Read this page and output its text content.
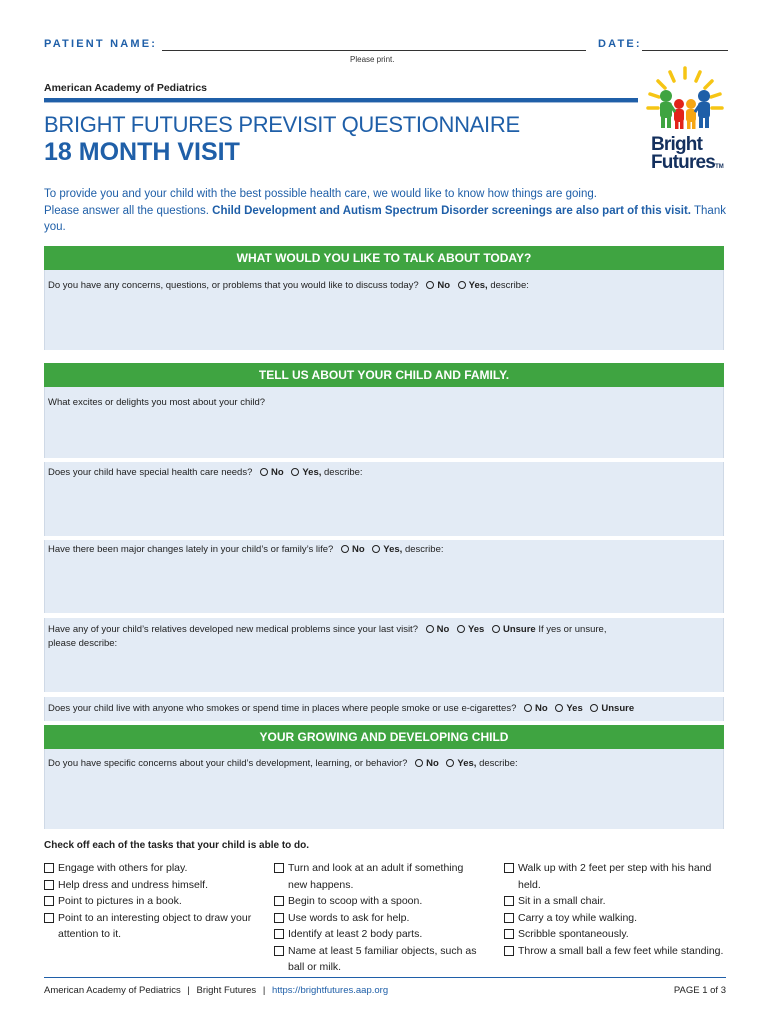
PATIENT NAME:	DATE:
Please print.
American Academy of Pediatrics
BRIGHT FUTURES PREVISIT QUESTIONNAIRE
18 MONTH VISIT	Bright
FuturesTM
To provide you and your child with the best possible health care, we would like to know how things are going.
Please answer all the questions. Child Development and Autism Spectrum Disorder screenings are also part of this visit. Thank you.
WHAT WOULD YOU LIKE TO TALK ABOUT TODAY?
Do you have any concerns, questions, or problems that you would like to discuss today? No Yes, describe:
TELL US ABOUT YOUR CHILD AND FAMILY.
What excites or delights you most about your child?
Does your child have special health care needs? No Yes, describe:
Have there been major changes lately in your child’s or family’s life? No Yes, describe:
Have any of your child’s relatives developed new medical problems since your last visit? No Yes Unsure If yes or unsure,
please describe:
Does your child live with anyone who smokes or spend time in places where people smoke or use e-cigarettes? No Yes Unsure
YOUR GROWING AND DEVELOPING CHILD
Do you have specific concerns about your child’s development, learning, or behavior? No Yes, describe:
Check off each of the tasks that your child is able to do.
Engage with others for play.
Help dress and undress himself.
Point to pictures in a book.
Point to an interesting object to draw your attention to it.
Turn and look at an adult if something new happens.
Begin to scoop with a spoon.
Use words to ask for help.
Identify at least 2 body parts.
Name at least 5 familiar objects, such as ball or milk.
Walk up with 2 feet per step with his hand held.
Sit in a small chair.
Carry a toy while walking.
Scribble spontaneously.
Throw a small ball a few feet while standing.
American Academy of Pediatrics | Bright Futures | https://brightfutures.aap.org	PAGE 1 of 3
